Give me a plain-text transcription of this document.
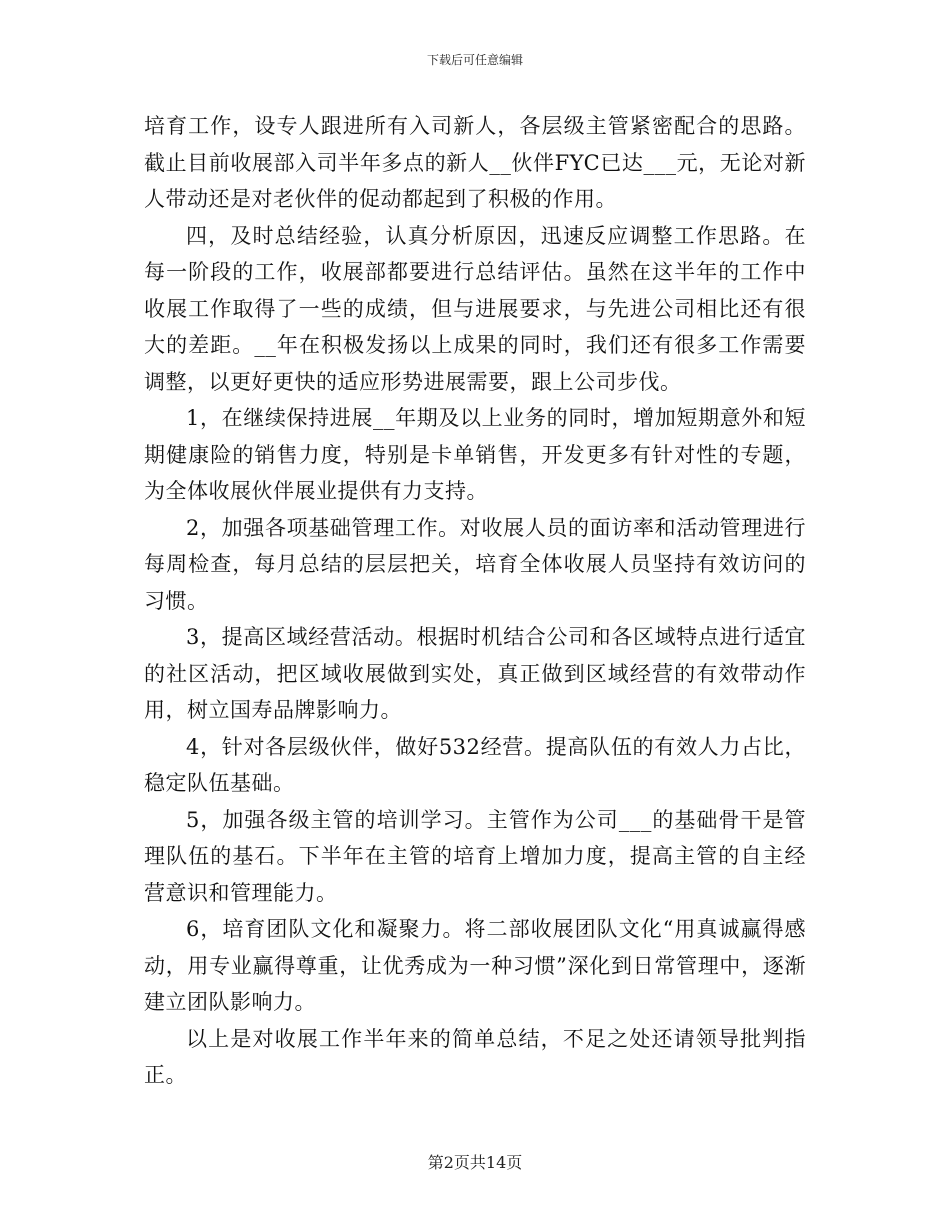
下载后可任意编辑

培育工作，设专人跟进所有入司新人，各层级主管紧密配合的思路。截止目前收展部入司半年多点的新人__伙伴FYC已达___元，无论对新人带动还是对老伙伴的促动都起到了积极的作用。

四，及时总结经验，认真分析原因，迅速反应调整工作思路。在每一阶段的工作，收展部都要进行总结评估。虽然在这半年的工作中收展工作取得了一些的成绩，但与进展要求，与先进公司相比还有很大的差距。__年在积极发扬以上成果的同时，我们还有很多工作需要调整，以更好更快的适应形势进展需要，跟上公司步伐。

1，在继续保持进展__年期及以上业务的同时，增加短期意外和短期健康险的销售力度，特别是卡单销售，开发更多有针对性的专题，为全体收展伙伴展业提供有力支持。

2，加强各项基础管理工作。对收展人员的面访率和活动管理进行每周检查，每月总结的层层把关，培育全体收展人员坚持有效访问的习惯。

3，提高区域经营活动。根据时机结合公司和各区域特点进行适宜的社区活动，把区域收展做到实处，真正做到区域经营的有效带动作用，树立国寿品牌影响力。

4，针对各层级伙伴，做好532经营。提高队伍的有效人力占比，稳定队伍基础。

5，加强各级主管的培训学习。主管作为公司___的基础骨干是管理队伍的基石。下半年在主管的培育上增加力度，提高主管的自主经营意识和管理能力。

6，培育团队文化和凝聚力。将二部收展团队文化“用真诚赢得感动，用专业赢得尊重，让优秀成为一种习惯”深化到日常管理中，逐渐建立团队影响力。

以上是对收展工作半年来的简单总结，不足之处还请领导批判指正。

第2页共14页
